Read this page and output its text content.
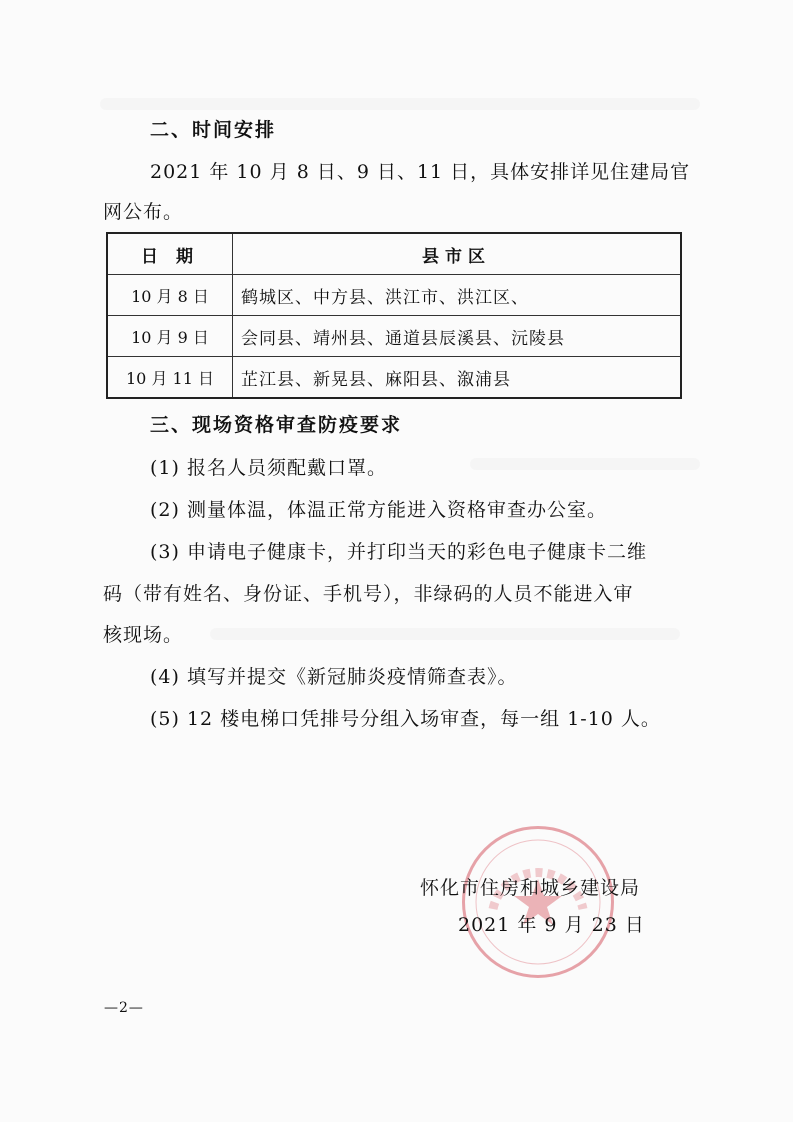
二、时间安排
2021 年 10 月 8 日、9 日、11 日，具体安排详见住建局官
网公布。
日 期	县市区
10 月 8 日	鹤城区、中方县、洪江市、洪江区、
10 月 9 日	会同县、靖州县、通道县辰溪县、沅陵县
10 月 11 日	芷江县、新晃县、麻阳县、溆浦县
三、现场资格审查防疫要求
(1) 报名人员须配戴口罩。
(2) 测量体温，体温正常方能进入资格审查办公室。
(3) 申请电子健康卡，并打印当天的彩色电子健康卡二维
码（带有姓名、身份证、手机号），非绿码的人员不能进入审
核现场。
(4) 填写并提交《新冠肺炎疫情筛查表》。
(5) 12 楼电梯口凭排号分组入场审查，每一组 1-10 人。
怀化市住房和城乡建设局
2021 年 9 月 23 日
—2—
